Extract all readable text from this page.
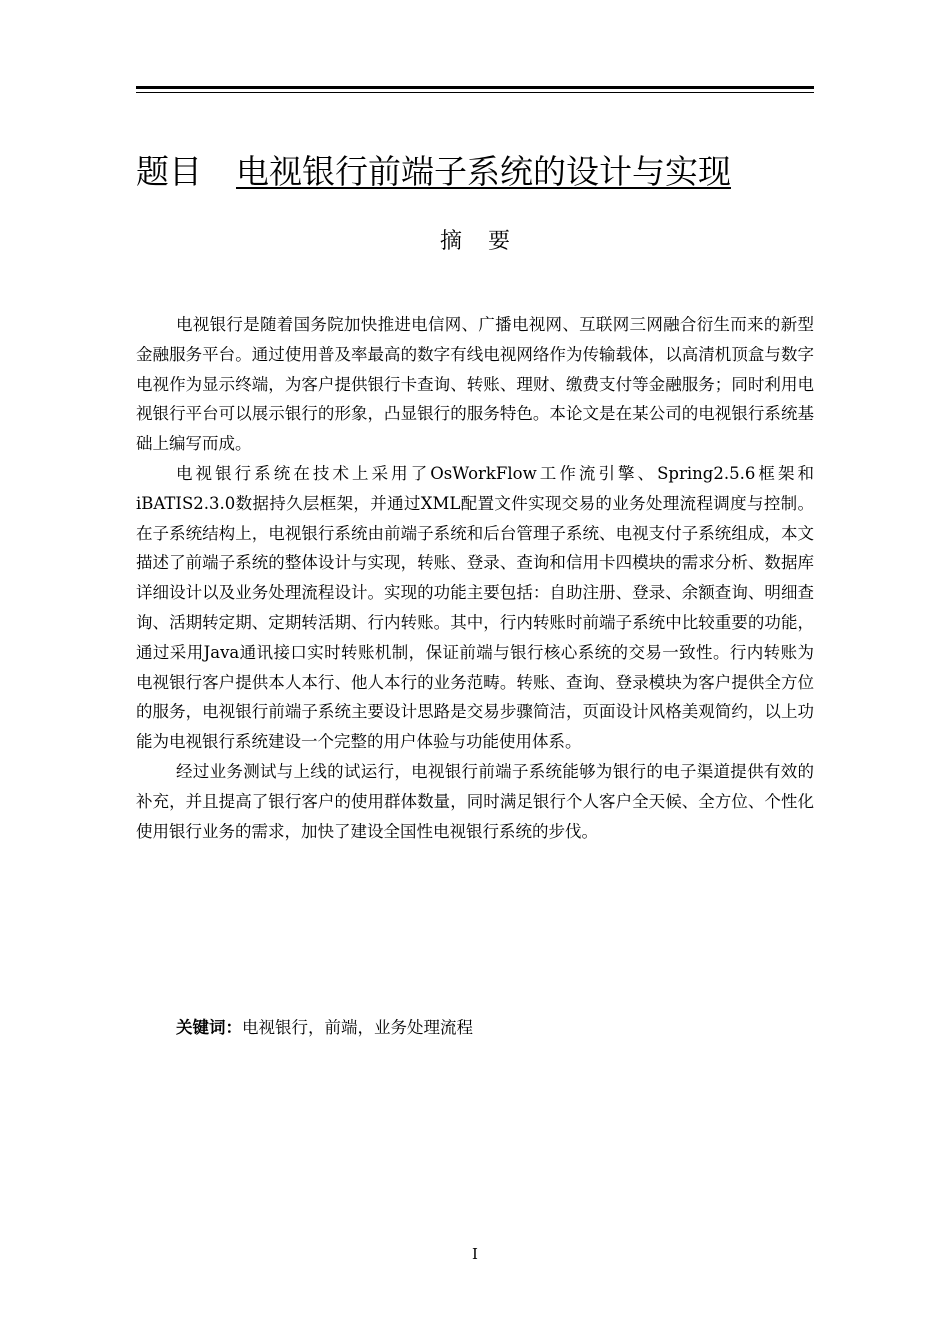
题目 电视银行前端子系统的设计与实现
摘要

电视银行是随着国务院加快推进电信网、广播电视网、互联网三网融合衍生而来的新型金融服务平台。通过使用普及率最高的数字有线电视网络作为传输载体，以高清机顶盒与数字电视作为显示终端，为客户提供银行卡查询、转账、理财、缴费支付等金融服务；同时利用电视银行平台可以展示银行的形象，凸显银行的服务特色。本论文是在某公司的电视银行系统基础上编写而成。

电视银行系统在技术上采用了OsWorkFlow工作流引擎、Spring2.5.6框架和iBATIS2.3.0数据持久层框架，并通过XML配置文件实现交易的业务处理流程调度与控制。在子系统结构上，电视银行系统由前端子系统和后台管理子系统、电视支付子系统组成，本文描述了前端子系统的整体设计与实现，转账、登录、查询和信用卡四模块的需求分析、数据库详细设计以及业务处理流程设计。实现的功能主要包括：自助注册、登录、余额查询、明细查询、活期转定期、定期转活期、行内转账。其中，行内转账时前端子系统中比较重要的功能，通过采用Java通讯接口实时转账机制，保证前端与银行核心系统的交易一致性。行内转账为电视银行客户提供本人本行、他人本行的业务范畴。转账、查询、登录模块为客户提供全方位的服务，电视银行前端子系统主要设计思路是交易步骤简洁，页面设计风格美观简约，以上功能为电视银行系统建设一个完整的用户体验与功能使用体系。

经过业务测试与上线的试运行，电视银行前端子系统能够为银行的电子渠道提供有效的补充，并且提高了银行客户的使用群体数量，同时满足银行个人客户全天候、全方位、个性化使用银行业务的需求，加快了建设全国性电视银行系统的步伐。

关键词：电视银行，前端，业务处理流程
I
